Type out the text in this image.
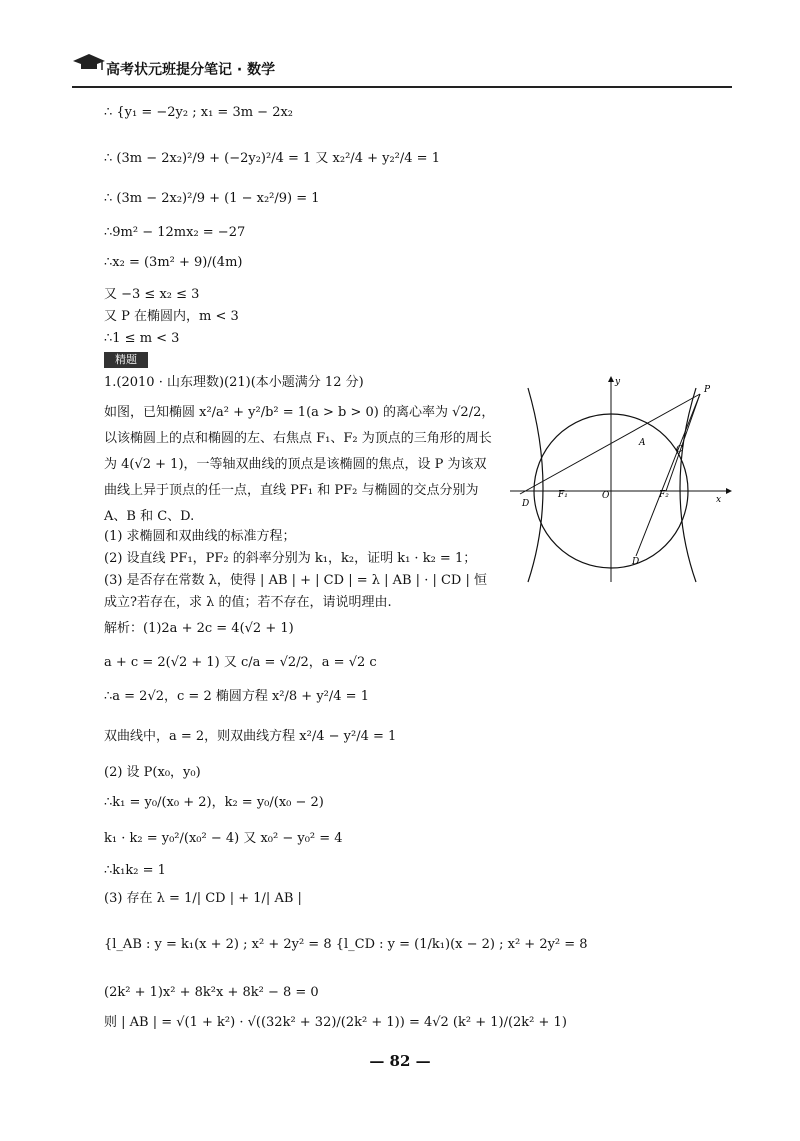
高考状元班提分笔记 · 数学
∴ {y₁ = −2y₂ ; x₁ = 3m − 2x₂
∴ (3m − 2x₂)²/9 + (−2y₂)²/4 = 1 又 x₂²/4 + y₂²/4 = 1
∴ (3m − 2x₂)²/9 + (1 − x₂²/9) = 1
∴9m² − 12mx₂ = −27
∴x₂ = (3m² + 9)/(4m)
又 −3 ≤ x₂ ≤ 3
又 P 在椭圆内，m < 3
∴1 ≤ m < 3
精题
1.(2010 · 山东理数)(21)(本小题满分 12 分)
如图，已知椭圆 x²/a² + y²/b² = 1(a > b > 0) 的离心率为 √2/2，以该椭圆上的点和椭圆的左、右焦点 F₁、F₂ 为顶点的三角形的周长为 4(√2 + 1)，一等轴双曲线的顶点是该椭圆的焦点，设 P 为该双曲线上异于顶点的任一点，直线 PF₁ 和 PF₂ 与椭圆的交点分别为 A、B 和 C、D.
(1) 求椭圆和双曲线的标准方程；
(2) 设直线 PF₁，PF₂ 的斜率分别为 k₁，k₂，证明 k₁ · k₂ = 1；
(3) 是否存在常数 λ，使得 | AB | + | CD | = λ | AB | · | CD | 恒
成立?若存在，求 λ 的值；若不存在，请说明理由.
解析：(1)2a + 2c = 4(√2 + 1)
a + c = 2(√2 + 1) 又 c/a = √2/2，a = √2 c
∴a = 2√2，c = 2 椭圆方程 x²/8 + y²/4 = 1
双曲线中，a = 2，则双曲线方程 x²/4 − y²/4 = 1
(2) 设 P(x₀，y₀)
∴k₁ = y₀/(x₀ + 2)，k₂ = y₀/(x₀ − 2)
k₁ · k₂ = y₀²/(x₀² − 4) 又 x₀² − y₀² = 4
∴k₁k₂ = 1
(3) 存在 λ = 1/| CD | + 1/| AB |
{l_AB : y = k₁(x + 2) ; x² + 2y² = 8 {l_CD : y = (1/k₁)(x − 2) ; x² + 2y² = 8
(2k² + 1)x² + 8k²x + 8k² − 8 = 0
则 | AB | = √(1 + k²) · √((32k² + 32)/(2k² + 1)) = 4√2 (k² + 1)/(2k² + 1)
y
x
O
P
A
C
D
D
F₁	F₂
— 82 —
